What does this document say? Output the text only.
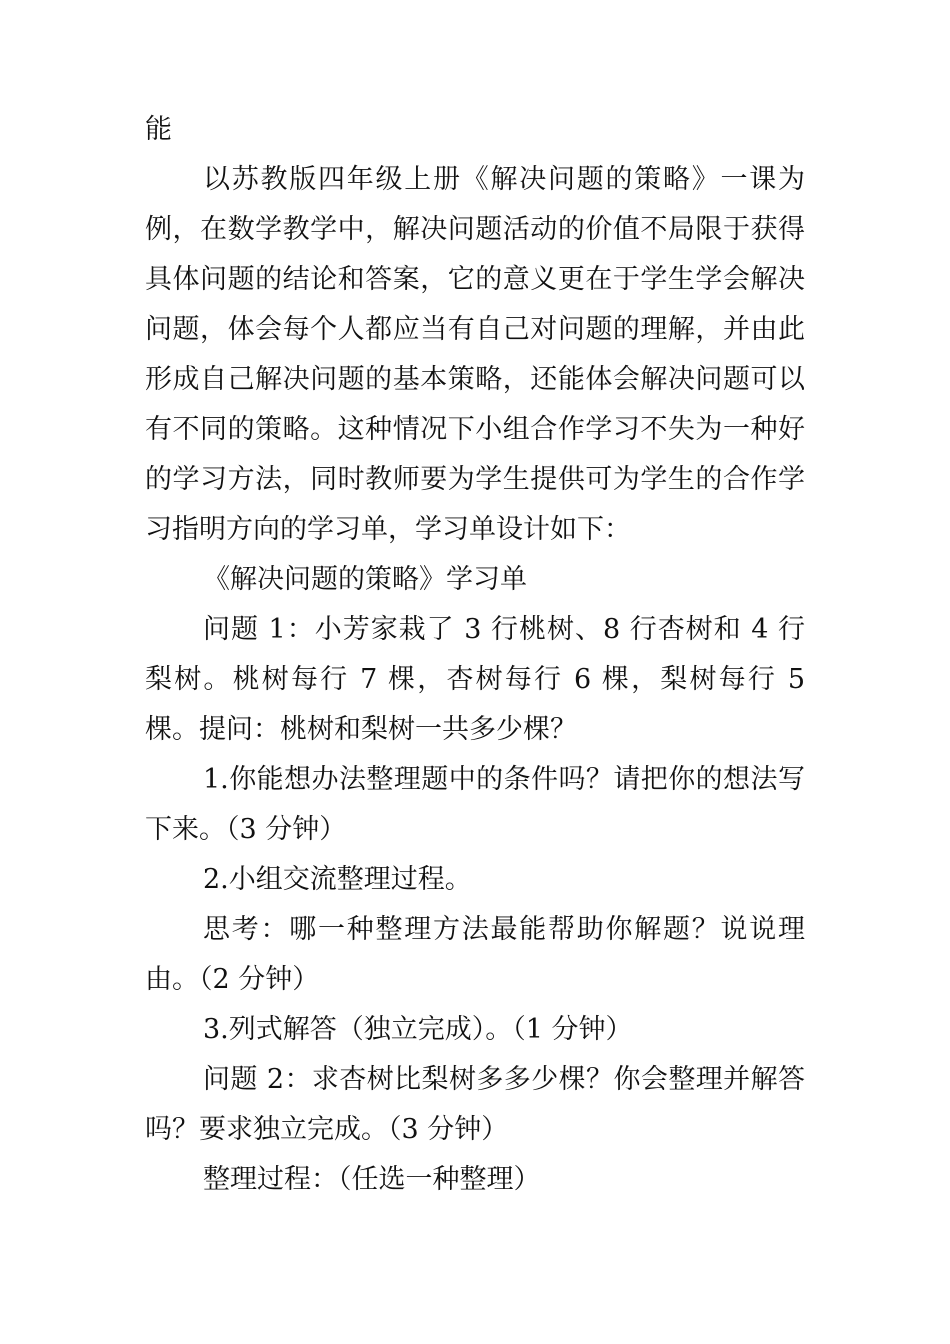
能

以苏教版四年级上册《解决问题的策略》一课为例，在数学教学中，解决问题活动的价值不局限于获得具体问题的结论和答案，它的意义更在于学生学会解决问题，体会每个人都应当有自己对问题的理解，并由此形成自己解决问题的基本策略，还能体会解决问题可以有不同的策略。这种情况下小组合作学习不失为一种好的学习方法，同时教师要为学生提供可为学生的合作学习指明方向的学习单，学习单设计如下：

《解决问题的策略》学习单

问题 1：小芳家栽了 3 行桃树、8 行杏树和 4 行梨树。桃树每行 7 棵，杏树每行 6 棵，梨树每行 5 棵。提问：桃树和梨树一共多少棵？

1.你能想办法整理题中的条件吗？请把你的想法写下来。（3 分钟）

2.小组交流整理过程。

思考：哪一种整理方法最能帮助你解题？说说理由。（2 分钟）

3.列式解答（独立完成）。（1 分钟）

问题 2：求杏树比梨树多多少棵？你会整理并解答吗？要求独立完成。（3 分钟）

整理过程：（任选一种整理）
